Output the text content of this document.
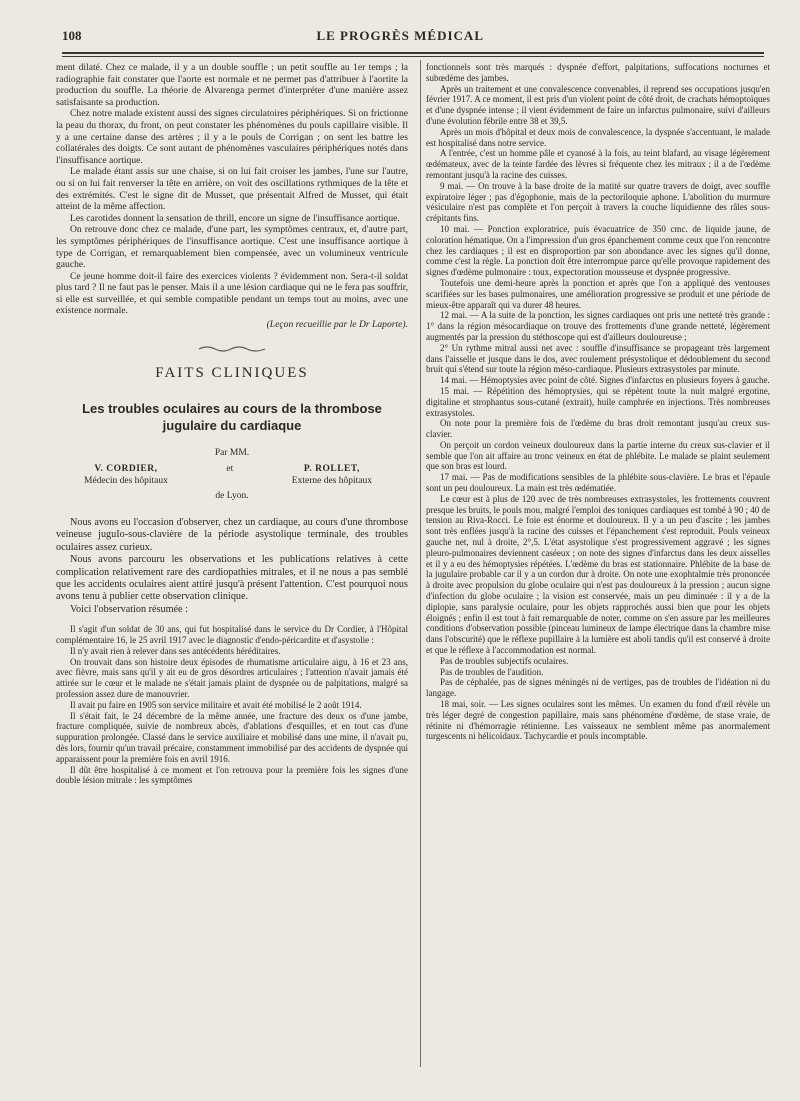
108	LE PROGRÈS MÉDICAL

ment dilaté. Chez ce malade, il y a un double souffle ; un petit souffle au 1er temps ; la radiographie fait constater que l'aorte est normale et ne permet pas d'attribuer à l'aortite la production du souffle. La théorie de Alvarenga permet d'interpréter d'une manière assez satisfaisante sa production.

Chez notre malade existent aussi des signes circulatoires périphériques. Si on frictionne la peau du thorax, du front, on peut constater les phénomènes du pouls capillaire visible. Il y a une certaine danse des artères ; il y a le pouls de Corrigan ; on sent les battre les collatérales des doigts. Ce sont autant de phénomènes vasculaires périphériques notés dans l'insuffisance aortique.

Le malade étant assis sur une chaise, si on lui fait croiser les jambes, l'une sur l'autre, ou si on lui fait renverser la tête en arrière, on voit des oscillations rythmiques de la tête et des extrémités. C'est le signe dit de Musset, que présentait Alfred de Musset, qui était atteint de la même affection.

Les carotides donnent la sensation de thrill, encore un signe de l'insuffisance aortique.

On retrouve donc chez ce malade, d'une part, les symptômes centraux, et, d'autre part, les symptômes périphériques de l'insuffisance aortique. C'est une insuffisance aortique à type de Corrigan, et remarquablement bien compensée, avec un volumineux ventricule gauche.

Ce jeune homme doit-il faire des exercices violents ? évidemment non. Sera-t-il soldat plus tard ? Il ne faut pas le penser. Mais il a une lésion cardiaque qui ne le fera pas souffrir, si elle est surveillée, et qui semble compatible pendant un temps tout au moins, avec une existence normale.

(Leçon recueillie par le Dr Laporte).

FAITS CLINIQUES
Les troubles oculaires au cours de la thrombose jugulaire du cardiaque
Par MM.
V. CORDIER,
Médecin des hôpitaux
et	P. ROLLET,
Externe des hôpitaux
de Lyon.

Nous avons eu l'occasion d'observer, chez un cardiaque, au cours d'une thrombose veineuse juguIo-sous-clavière de la période asystolique terminale, des troubles oculaires assez curieux.

Nous avons parcouru les observations et les publications relatives à cette complication relativement rare des cardiopathies mitrales, et il ne nous a pas semblé que les accidents oculaires aient attiré jusqu'à présent l'attention. C'est pourquoi nous avons tenu à publier cette observation clinique.

Voici l'observation résumée :

Il s'agit d'un soldat de 30 ans, qui fut hospitalisé dans le service du Dr Cordier, à l'Hôpital complémentaire 16, le 25 avril 1917 avec le diagnostic d'endo-péricardite et d'asystolie :

Il n'y avait rien à relever dans ses antécédents héréditaires.

On trouvait dans son histoire deux épisodes de rhumatisme articulaire aigu, à 16 et 23 ans, avec fièvre, mais sans qu'il y ait eu de gros désordres articulaires ; l'attention n'avait jamais été attirée sur le cœur et le malade ne s'était jamais plaint de dyspnée ou de palpitations, malgré sa profession assez dure de manouvrier.

Il avait pu faire en 1905 son service militaire et avait été mobilisé le 2 août 1914.

Il s'était fait, le 24 décembre de la même année, une fracture des deux os d'une jambe, fracture compliquée, suivie de nombreux abcès, d'ablations d'esquilles, et en tout cas d'une suppuration prolongée. Classé dans le service auxiliaire et mobilisé dans une mine, il n'avait pu, dès lors, fournir qu'un travail précaire, constamment immobilisé par des accidents de dyspnée qui apparaissent pour la première fois en avril 1916.

Il dût être hospitalisé à ce moment et l'on retrouva pour la première fois les signes d'une double lésion mitrale : les symptômes

fonctionnels sont très marqués : dyspnée d'effort, palpitations, suffocations nocturnes et subœdème des jambes.

Après un traitement et une convalescence convenables, il reprend ses occupations jusqu'en février 1917. A ce moment, il est pris d'un violent point de côté droit, de crachats hémoptoïques et d'une dyspnée intense ; il vient évidemment de faire un infarctus pulmonaire, suivi d'ailleurs d'une évolution fébrile entre 38 et 39,5.

Après un mois d'hôpital et deux mois de convalescence, la dyspnée s'accentuant, le malade est hospitalisé dans notre service.

A l'entrée, c'est un homme pâle et cyanosé à la fois, au teint blafard, au visage légèrement œdémateux, avec de la teinte fardée des lèvres si fréquente chez les mitraux ; il a de l'œdème remontant jusqu'à la racine des cuisses.

9 mai. — On trouve à la base droite de la matité sur quatre travers de doigt, avec souffle expiratoire léger ; pas d'égophonie, mais de la pectoriloquie aphone. L'abolition du murmure vésiculaire n'est pas complète et l'on perçoit à travers la couche liquidienne des râles sous-crépitants fins.

10 mai. — Ponction exploratrice, puis évacuatrice de 350 cmc. de liquide jaune, de coloration hématique. On a l'impression d'un gros épanchement comme ceux que l'on rencontre chez les cardiaques ; il est en disproportion par son abondance avec les signes qu'il donne, comme c'est la règle. La ponction doit être interrompue parce qu'elle provoque rapidement des signes d'œdème pulmonaire : toux, expectoration mousseuse et dyspnée progressive.

Toutefois une demi-heure après la ponction et après que l'on a appliqué des ventouses scarifiées sur les bases pulmonaires, une amélioration progressive se produit et une période de mieux-être apparaît qui va durer 48 heures.

12 mai. — A la suite de la ponction, les signes cardiaques ont pris une netteté très grande : 1° dans la région mésocardiaque on trouve des frottements d'une grande netteté, légèrement augmentés par la pression du stéthoscope qui est d'ailleurs douloureuse ;

2° Un rythme mitral aussi net avec : souffle d'insuffisance se propageant très largement dans l'aisselle et jusque dans le dos, avec roulement présystolique et dédoublement du second bruit qui s'étend sur toute la région méso-cardiaque. Plusieurs extrasystoles par minute.

14 mai. — Hémoptysies avec point de côté. Signes d'infarctus en plusieurs foyers à gauche.

15 mai. — Répétition des hémoptysies, qui se répètent toute la nuit malgré ergotine, digitaline et strophantus sous-cutané (extrait), huile camphrée en injections. Très nombreuses extrasystoles.

On note pour la première fois de l'œdème du bras droit remontant jusqu'au creux sus-clavier.

On perçoit un cordon veineux douloureux dans la partie interne du creux sus-clavier et il semble que l'on ait affaire au tronc veineux en état de phlébite. Le malade se plaint seulement que son bras est lourd.

17 mai. — Pas de modifications sensibles de la phlébite sous-clavière. Le bras et l'épaule sont un peu douloureux. La main est très œdématiée.

Le cœur est à plus de 120 avec de très nombreuses extrasystoles, les frottements couvrent presque les bruits, le pouls mou, malgré l'emploi des toniques cardiaques est tombé à 90 ; 40 de tension au Riva-Rocci. Le foie est énorme et douloureux. Il y a un peu d'ascite ; les jambes sont très enflées jusqu'à la racine des cuisses et l'épanchement s'est reproduit. Pouls veineux gauche net, nul à droite, 2°,5. L'état asystolique s'est progressivement aggravé ; les signes pleuro-pulmonaires deviennent caséeux ; on note des signes d'infarctus dans les deux aisselles et il y a eu des hémoptysies répétées. L'œdème du bras est stationnaire. Phlébite de la base de la jugulaire probable car il y a un cordon dur à droite. On note une exophtalmie très prononcée à droite avec propulsion du globe oculaire qui n'est pas douloureux à la pression ; aucun signe d'infection du globe oculaire ; la vision est conservée, mais un peu diminuée : il y a de la diplopie, sans paralysie oculaire, pour les objets rapprochés aussi bien que pour les objets éloignés ; enfin il est tout à fait remarquable de noter, comme on s'en assure par les meilleures conditions d'observation possible (pinceau lumineux de lampe électrique dans la chambre mise dans l'obscurité) que le réflexe pupillaire à la lumière est aboli tandis qu'il est conservé à droite et que le réflexe à l'accommodation est normal.

Pas de troubles subjectifs oculaires.

Pas de troubles de l'audition.

Pas de céphalée, pas de signes méningés ni de vertiges, pas de troubles de l'idéation ni du langage.

18 mai, soir. — Les signes oculaires sont les mêmes. Un examen du fond d'œil révèle un très léger degré de congestion papillaire, mais sans phénomène d'œdème, de stase vraie, de rétinite ni d'hémorragie rétinienne. Les vaisseaux ne semblent même pas anormalement turgescents ni hélicoïdaux. Tachycardie et pouls incomptable.
